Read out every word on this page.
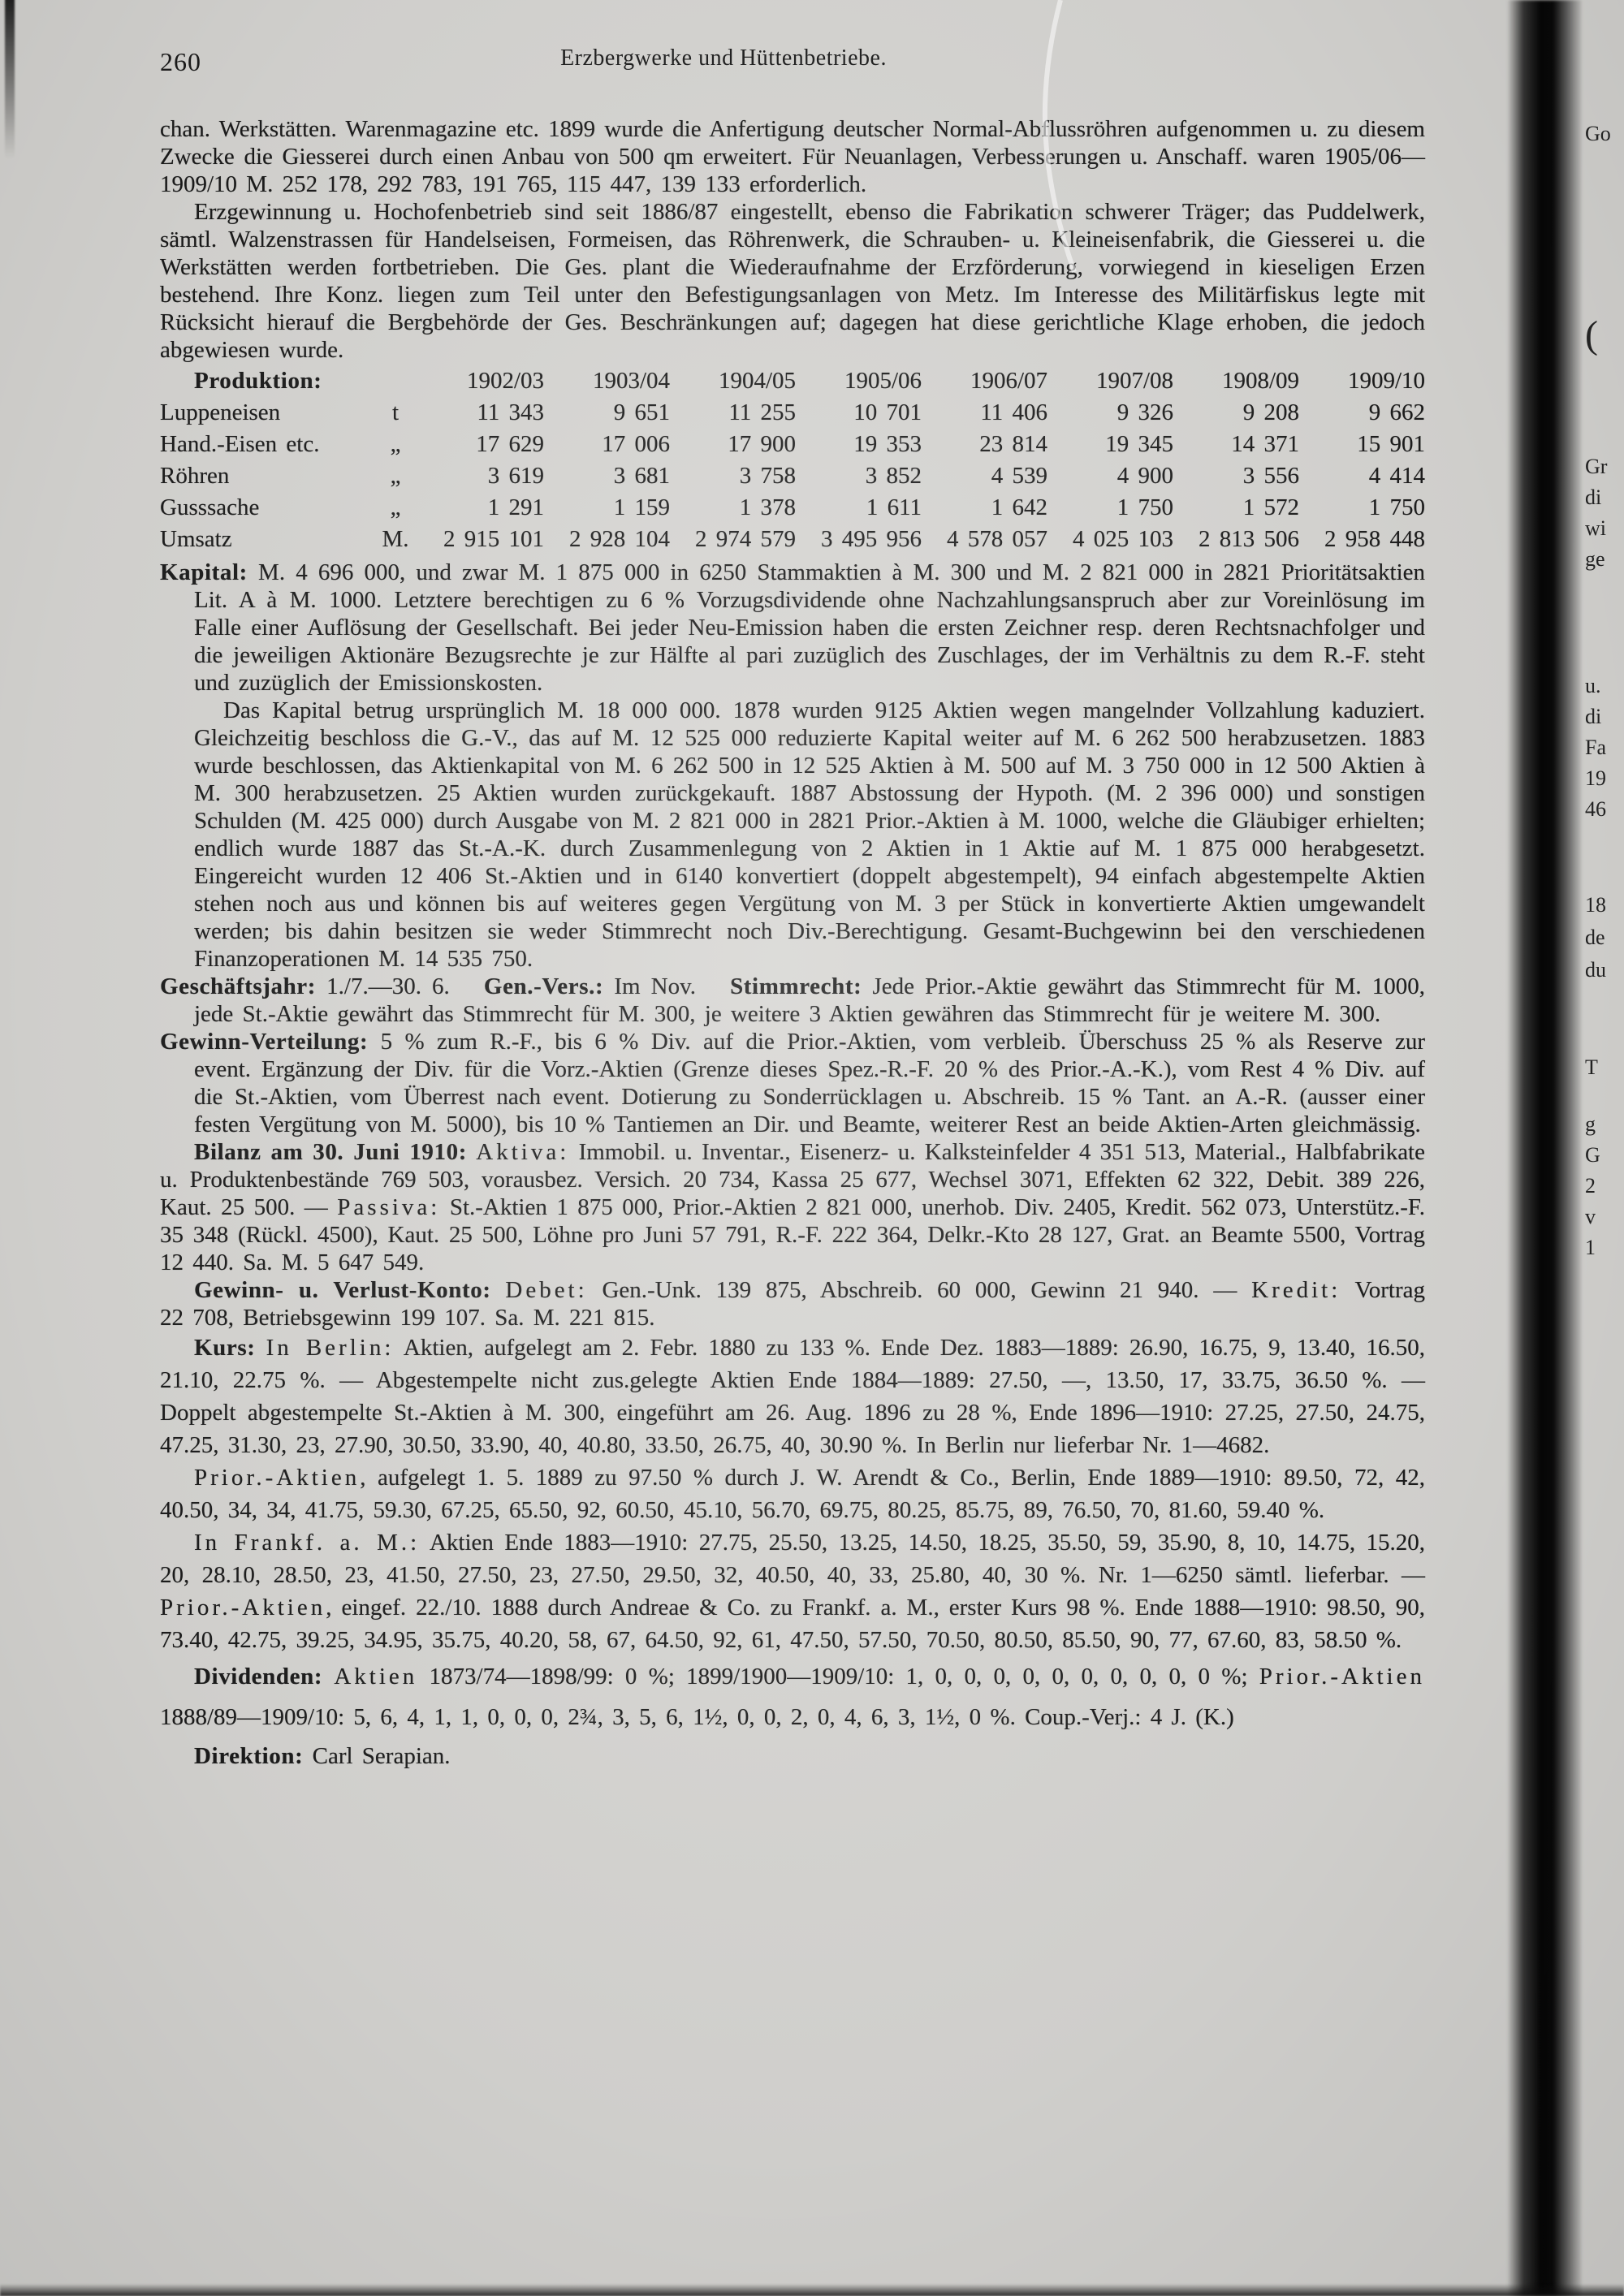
260	Erzbergwerke und Hüttenbetriebe.

chan. Werkstätten. Warenmagazine etc. 1899 wurde die Anfertigung deutscher Normal-Abflussröhren aufgenommen u. zu diesem Zwecke die Giesserei durch einen Anbau von 500 qm erweitert. Für Neuanlagen, Verbesserungen u. Anschaff. waren 1905/06—1909/10 M. 252 178, 292 783, 191 765, 115 447, 139 133 erforderlich.

Erzgewinnung u. Hochofenbetrieb sind seit 1886/87 eingestellt, ebenso die Fabrikation schwerer Träger; das Puddelwerk, sämtl. Walzenstrassen für Handelseisen, Formeisen, das Röhrenwerk, die Schrauben- u. Kleineisenfabrik, die Giesserei u. die Werkstätten werden fortbetrieben. Die Ges. plant die Wiederaufnahme der Erzförderung, vorwiegend in kieseligen Erzen bestehend. Ihre Konz. liegen zum Teil unter den Befestigungsanlagen von Metz. Im Interesse des Militärfiskus legte mit Rücksicht hierauf die Bergbehörde der Ges. Beschränkungen auf; dagegen hat diese gerichtliche Klage erhoben, die jedoch abgewiesen wurde.

Produktion:	1902/03	1903/04	1904/05	1905/06	1906/07	1907/08	1908/09	1909/10
Luppeneisen	t	11 343	9 651	11 255	10 701	11 406	9 326	9 208	9 662
Hand.-Eisen etc.	„	17 629	17 006	17 900	19 353	23 814	19 345	14 371	15 901
Röhren	„	3 619	3 681	3 758	3 852	4 539	4 900	3 556	4 414
Gusssache	„	1 291	1 159	1 378	1 611	1 642	1 750	1 572	1 750
Umsatz	M.	2 915 101	2 928 104	2 974 579	3 495 956	4 578 057	4 025 103	2 813 506	2 958 448

Kapital: M. 4 696 000, und zwar M. 1 875 000 in 6250 Stammaktien à M. 300 und M. 2 821 000 in 2821 Prioritätsaktien Lit. A à M. 1000. Letztere berechtigen zu 6 % Vorzugsdividende ohne Nachzahlungsanspruch aber zur Voreinlösung im Falle einer Auflösung der Gesellschaft. Bei jeder Neu-Emission haben die ersten Zeichner resp. deren Rechtsnachfolger und die jeweiligen Aktionäre Bezugsrechte je zur Hälfte al pari zuzüglich des Zuschlages, der im Verhältnis zu dem R.-F. steht und zuzüglich der Emissionskosten.

Das Kapital betrug ursprünglich M. 18 000 000. 1878 wurden 9125 Aktien wegen mangelnder Vollzahlung kaduziert. Gleichzeitig beschloss die G.-V., das auf M. 12 525 000 reduzierte Kapital weiter auf M. 6 262 500 herabzusetzen. 1883 wurde beschlossen, das Aktienkapital von M. 6 262 500 in 12 525 Aktien à M. 500 auf M. 3 750 000 in 12 500 Aktien à M. 300 herabzusetzen. 25 Aktien wurden zurückgekauft. 1887 Abstossung der Hypoth. (M. 2 396 000) und sonstigen Schulden (M. 425 000) durch Ausgabe von M. 2 821 000 in 2821 Prior.-Aktien à M. 1000, welche die Gläubiger erhielten; endlich wurde 1887 das St.-A.-K. durch Zusammenlegung von 2 Aktien in 1 Aktie auf M. 1 875 000 herabgesetzt. Eingereicht wurden 12 406 St.-Aktien und in 6140 konvertiert (doppelt abgestempelt), 94 einfach abgestempelte Aktien stehen noch aus und können bis auf weiteres gegen Vergütung von M. 3 per Stück in konvertierte Aktien umgewandelt werden; bis dahin besitzen sie weder Stimmrecht noch Div.-Berechtigung. Gesamt-Buchgewinn bei den verschiedenen Finanzoperationen M. 14 535 750.

Geschäftsjahr: 1./7.—30. 6.  Gen.-Vers.: Im Nov.  Stimmrecht: Jede Prior.-Aktie gewährt das Stimmrecht für M. 1000, jede St.-Aktie gewährt das Stimmrecht für M. 300, je weitere 3 Aktien gewähren das Stimmrecht für je weitere M. 300.

Gewinn-Verteilung: 5 % zum R.-F., bis 6 % Div. auf die Prior.-Aktien, vom verbleib. Überschuss 25 % als Reserve zur event. Ergänzung der Div. für die Vorz.-Aktien (Grenze dieses Spez.-R.-F. 20 % des Prior.-A.-K.), vom Rest 4 % Div. auf die St.-Aktien, vom Überrest nach event. Dotierung zu Sonderrücklagen u. Abschreib. 15 % Tant. an A.-R. (ausser einer festen Vergütung von M. 5000), bis 10 % Tantiemen an Dir. und Beamte, weiterer Rest an beide Aktien-Arten gleichmässig.

Bilanz am 30. Juni 1910: Aktiva: Immobil. u. Inventar., Eisenerz- u. Kalksteinfelder 4 351 513, Material., Halbfabrikate u. Produktenbestände 769 503, vorausbez. Versich. 20 734, Kassa 25 677, Wechsel 3071, Effekten 62 322, Debit. 389 226, Kaut. 25 500. — Passiva: St.-Aktien 1 875 000, Prior.-Aktien 2 821 000, unerhob. Div. 2405, Kredit. 562 073, Unterstütz.-F. 35 348 (Rückl. 4500), Kaut. 25 500, Löhne pro Juni 57 791, R.-F. 222 364, Delkr.-Kto 28 127, Grat. an Beamte 5500, Vortrag 12 440. Sa. M. 5 647 549.

Gewinn- u. Verlust-Konto: Debet: Gen.-Unk. 139 875, Abschreib. 60 000, Gewinn 21 940. — Kredit: Vortrag 22 708, Betriebsgewinn 199 107. Sa. M. 221 815.

Kurs: In Berlin: Aktien, aufgelegt am 2. Febr. 1880 zu 133 %. Ende Dez. 1883—1889: 26.90, 16.75, 9, 13.40, 16.50, 21.10, 22.75 %. — Abgestempelte nicht zus.gelegte Aktien Ende 1884—1889: 27.50, —, 13.50, 17, 33.75, 36.50 %. — Doppelt abgestempelte St.-Aktien à M. 300, eingeführt am 26. Aug. 1896 zu 28 %, Ende 1896—1910: 27.25, 27.50, 24.75, 47.25, 31.30, 23, 27.90, 30.50, 33.90, 40, 40.80, 33.50, 26.75, 40, 30.90 %. In Berlin nur lieferbar Nr. 1—4682.

Prior.-Aktien, aufgelegt 1. 5. 1889 zu 97.50 % durch J. W. Arendt & Co., Berlin, Ende 1889—1910: 89.50, 72, 42, 40.50, 34, 34, 41.75, 59.30, 67.25, 65.50, 92, 60.50, 45.10, 56.70, 69.75, 80.25, 85.75, 89, 76.50, 70, 81.60, 59.40 %.

In Frankf. a. M.: Aktien Ende 1883—1910: 27.75, 25.50, 13.25, 14.50, 18.25, 35.50, 59, 35.90, 8, 10, 14.75, 15.20, 20, 28.10, 28.50, 23, 41.50, 27.50, 23, 27.50, 29.50, 32, 40.50, 40, 33, 25.80, 40, 30 %. Nr. 1—6250 sämtl. lieferbar. — Prior.-Aktien, eingef. 22./10. 1888 durch Andreae & Co. zu Frankf. a. M., erster Kurs 98 %. Ende 1888—1910: 98.50, 90, 73.40, 42.75, 39.25, 34.95, 35.75, 40.20, 58, 67, 64.50, 92, 61, 47.50, 57.50, 70.50, 80.50, 85.50, 90, 77, 67.60, 83, 58.50 %.

Dividenden: Aktien 1873/74—1898/99: 0 %; 1899/1900—1909/10: 1, 0, 0, 0, 0, 0, 0, 0, 0, 0, 0 %; Prior.-Aktien 1888/89—1909/10: 5, 6, 4, 1, 1, 0, 0, 0, 2¾, 3, 5, 6, 1½, 0, 0, 2, 0, 4, 6, 3, 1½, 0 %. Coup.-Verj.: 4 J. (K.)

Direktion: Carl Serapian.

Go
(
Gr
di
wi
ge
u.
di
Fa
19
46
18
de
du
T
g
G
2
v
1
